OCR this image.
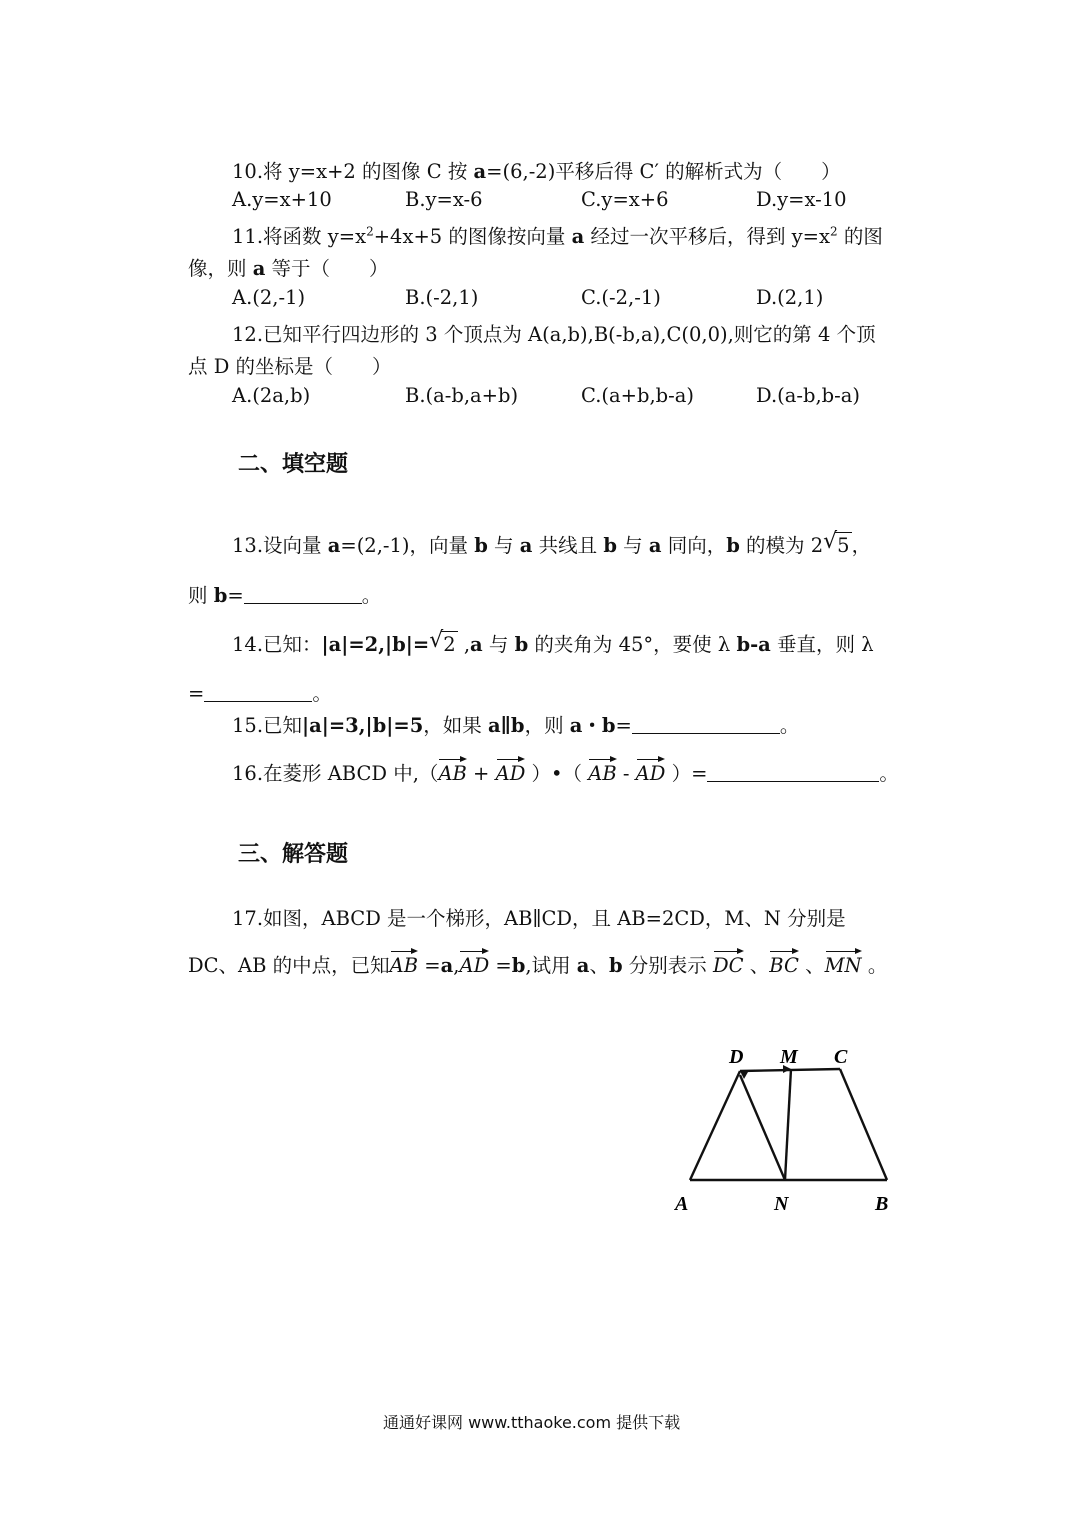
10.将 y=x+2 的图像 C 按 a=(6,-2)平移后得 C′ 的解析式为（　　）
A.y=x+10	B.y=x-6	C.y=x+6	D.y=x-10
11.将函数 $y=x^2+4x+5$ 的图像按向量 a 经过一次平移后，得到 $y=x^2$ 的图
像，则 a 等于（　　）
A.(2,-1)	B.(-2,1)	C.(-2,-1)	D.(2,1)
12.已知平行四边形的 3 个顶点为 A(a,b),B(-b,a),C(0,0),则它的第 4 个顶
点 D 的坐标是（　　）
A.(2a,b)	B.(a-b,a+b)	C.(a+b,b-a)	D.(a-b,b-a)
二、填空题
13.设向量 a=(2,-1)，向量 b 与 a 共线且 b 与 a 同向，b 的模为 2 √ 5 ，
则 b=	。
14.已知：|a|=2,|b|= √ 2 ,a 与 b 的夹角为 45°，要使 λ b-a 垂直，则 λ
=	。
15.已知|a|=3,|b|=5，如果 a∥b，则 a・b=	。
16.在菱形 ABCD 中,（AB + AD ）•（ AB - AD ）=	。
三、解答题
17.如图，ABCD 是一个梯形，AB∥CD，且 AB=2CD，M、N 分别是
DC、AB 的中点，已知AB =a,AD =b,试用 a、b 分别表示 DC 、BC 、MN 。
D M C
A	N	B
通通好课网 www.tthaoke.com 提供下载
